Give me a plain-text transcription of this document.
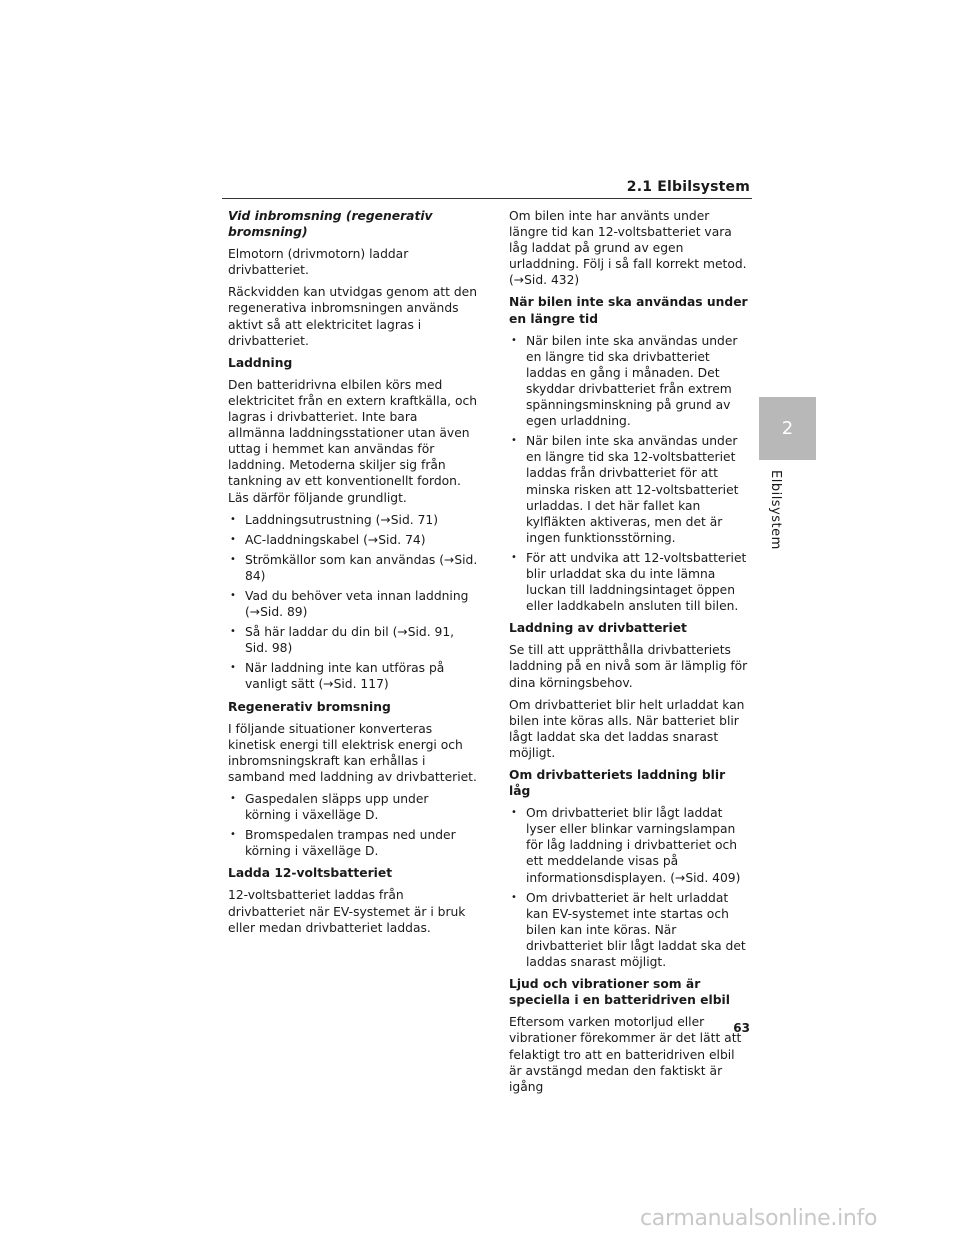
2.1 Elbilsystem
Vid inbromsning (regenerativ bromsning)

Elmotorn (drivmotorn) laddar drivbatteriet.

Räckvidden kan utvidgas genom att den regenerativa inbromsningen används aktivt så att elektricitet lagras i drivbatteriet.

Laddning

Den batteridrivna elbilen körs med elektricitet från en extern kraftkälla, och lagras i drivbatteriet. Inte bara allmänna laddningsstationer utan även uttag i hemmet kan användas för laddning. Metoderna skiljer sig från tankning av ett konventionellt fordon. Läs därför följande grundligt.

• Laddningsutrustning (→Sid. 71)
• AC-laddningskabel (→Sid. 74)
• Strömkällor som kan användas (→Sid. 84)
• Vad du behöver veta innan laddning (→Sid. 89)
• Så här laddar du din bil (→Sid. 91, Sid. 98)
• När laddning inte kan utföras på vanligt sätt (→Sid. 117)
Regenerativ bromsning

I följande situationer konverteras kinetisk energi till elektrisk energi och inbromsningskraft kan erhållas i samband med laddning av drivbatteriet.

• Gaspedalen släpps upp under körning i växelläge D.
• Bromspedalen trampas ned under körning i växelläge D.
Ladda 12-voltsbatteriet

12-voltsbatteriet laddas från drivbatteriet när EV-systemet är i bruk eller medan drivbatteriet laddas.

Om bilen inte har använts under längre tid kan 12-voltsbatteriet vara låg laddat på grund av egen urladdning. Följ i så fall korrekt metod. (→Sid. 432)

När bilen inte ska användas under en längre tid
• När bilen inte ska användas under en längre tid ska drivbatteriet laddas en gång i månaden. Det skyddar drivbatteriet från extrem spänningsminskning på grund av egen urladdning.
• När bilen inte ska användas under en längre tid ska 12-voltsbatteriet laddas från drivbatteriet för att minska risken att 12-voltsbatteriet urladdas. I det här fallet kan kylfläkten aktiveras, men det är ingen funktionsstörning.
• För att undvika att 12-voltsbatteriet blir urladdat ska du inte lämna luckan till laddningsintaget öppen eller laddkabeln ansluten till bilen.
Laddning av drivbatteriet

Se till att upprätthålla drivbatteriets laddning på en nivå som är lämplig för dina körningsbehov.

Om drivbatteriet blir helt urladdat kan bilen inte köras alls. När batteriet blir lågt laddat ska det laddas snarast möjligt.

Om drivbatteriets laddning blir låg
• Om drivbatteriet blir lågt laddat lyser eller blinkar varningslampan för låg laddning i drivbatteriet och ett meddelande visas på informationsdisplayen. (→Sid. 409)
• Om drivbatteriet är helt urladdat kan EV-systemet inte startas och bilen kan inte köras. När drivbatteriet blir lågt laddat ska det laddas snarast möjligt.
Ljud och vibrationer som är speciella i en batteridriven elbil

Eftersom varken motorljud eller vibrationer förekommer är det lätt att felaktigt tro att en batteridriven elbil är avstängd medan den faktiskt är igång

2
Elbilsystem
63
carmanualsonline.info
